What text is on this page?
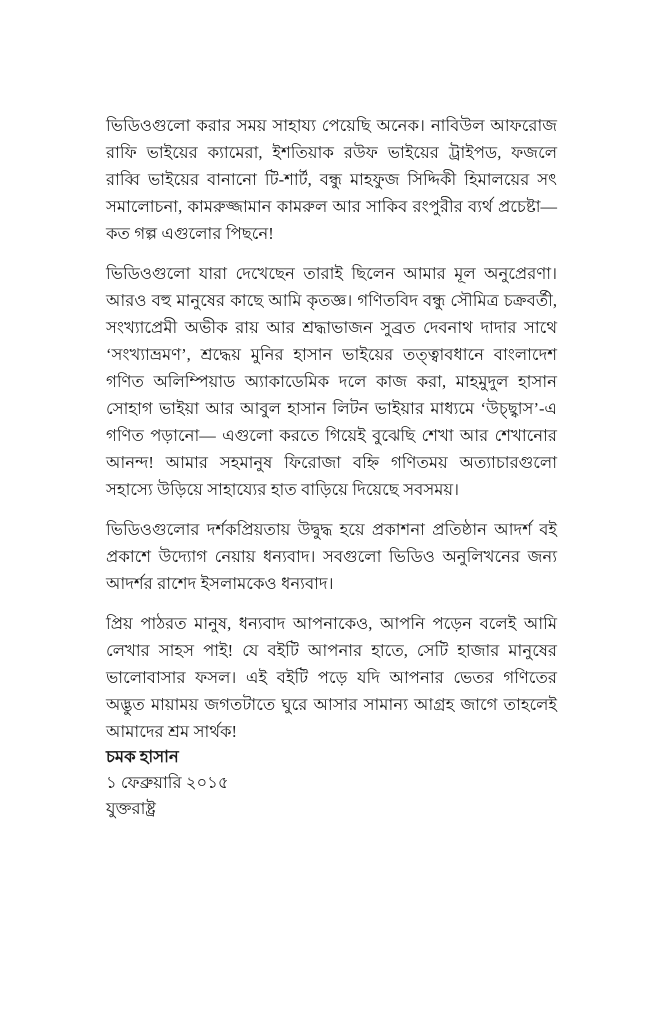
ভিডিওগুলো করার সময় সাহায্য পেয়েছি অনেক। নাবিউল আফরোজ রাফি ভাইয়ের ক্যামেরা, ইশতিয়াক রউফ ভাইয়ের ট্রাইপড, ফজলে রাব্বি ভাইয়ের বানানো টি-শার্ট, বন্ধু মাহফুজ সিদ্দিকী হিমালয়ের সৎ সমালোচনা, কামরুজ্জামান কামরুল আর সাকিব রংপুরীর ব্যর্থ প্রচেষ্টা— কত গল্প এগুলোর পিছনে!

ভিডিওগুলো যারা দেখেছেন তারাই ছিলেন আমার মূল অনুপ্রেরণা। আরও বহু মানুষের কাছে আমি কৃতজ্ঞ। গণিতবিদ বন্ধু সৌমিত্র চক্রবর্তী, সংখ্যাপ্রেমী অভীক রায় আর শ্রদ্ধাভাজন সুব্রত দেবনাথ দাদার সাথে ‘সংখ্যাভ্রমণ’, শ্রদ্ধেয় মুনির হাসান ভাইয়ের তত্ত্বাবধানে বাংলাদেশ গণিত অলিম্পিয়াড অ্যাকাডেমিক দলে কাজ করা, মাহমুদুল হাসান সোহাগ ভাইয়া আর আবুল হাসান লিটন ভাইয়ার মাধ্যমে ‘উচ্ছ্বাস’-এ গণিত পড়ানো— এগুলো করতে গিয়েই বুঝেছি শেখা আর শেখানোর আনন্দ! আমার সহমানুষ ফিরোজা বহ্নি গণিতময় অত্যাচারগুলো সহাস্যে উড়িয়ে সাহায্যের হাত বাড়িয়ে দিয়েছে সবসময়।

ভিডিওগুলোর দর্শকপ্রিয়তায় উদ্বুদ্ধ হয়ে প্রকাশনা প্রতিষ্ঠান আদর্শ বই প্রকাশে উদ্যোগ নেয়ায় ধন্যবাদ। সবগুলো ভিডিও অনুলিখনের জন্য আদর্শর রাশেদ ইসলামকেও ধন্যবাদ।

প্রিয় পাঠরত মানুষ, ধন্যবাদ আপনাকেও, আপনি পড়েন বলেই আমি লেখার সাহস পাই! যে বইটি আপনার হাতে, সেটি হাজার মানুষের ভালোবাসার ফসল। এই বইটি পড়ে যদি আপনার ভেতর গণিতের অদ্ভুত মায়াময় জগতটাতে ঘুরে আসার সামান্য আগ্রহ জাগে তাহলেই আমাদের শ্রম সার্থক!

চমক হাসান
১ ফেব্রুয়ারি ২০১৫
যুক্তরাষ্ট্র
